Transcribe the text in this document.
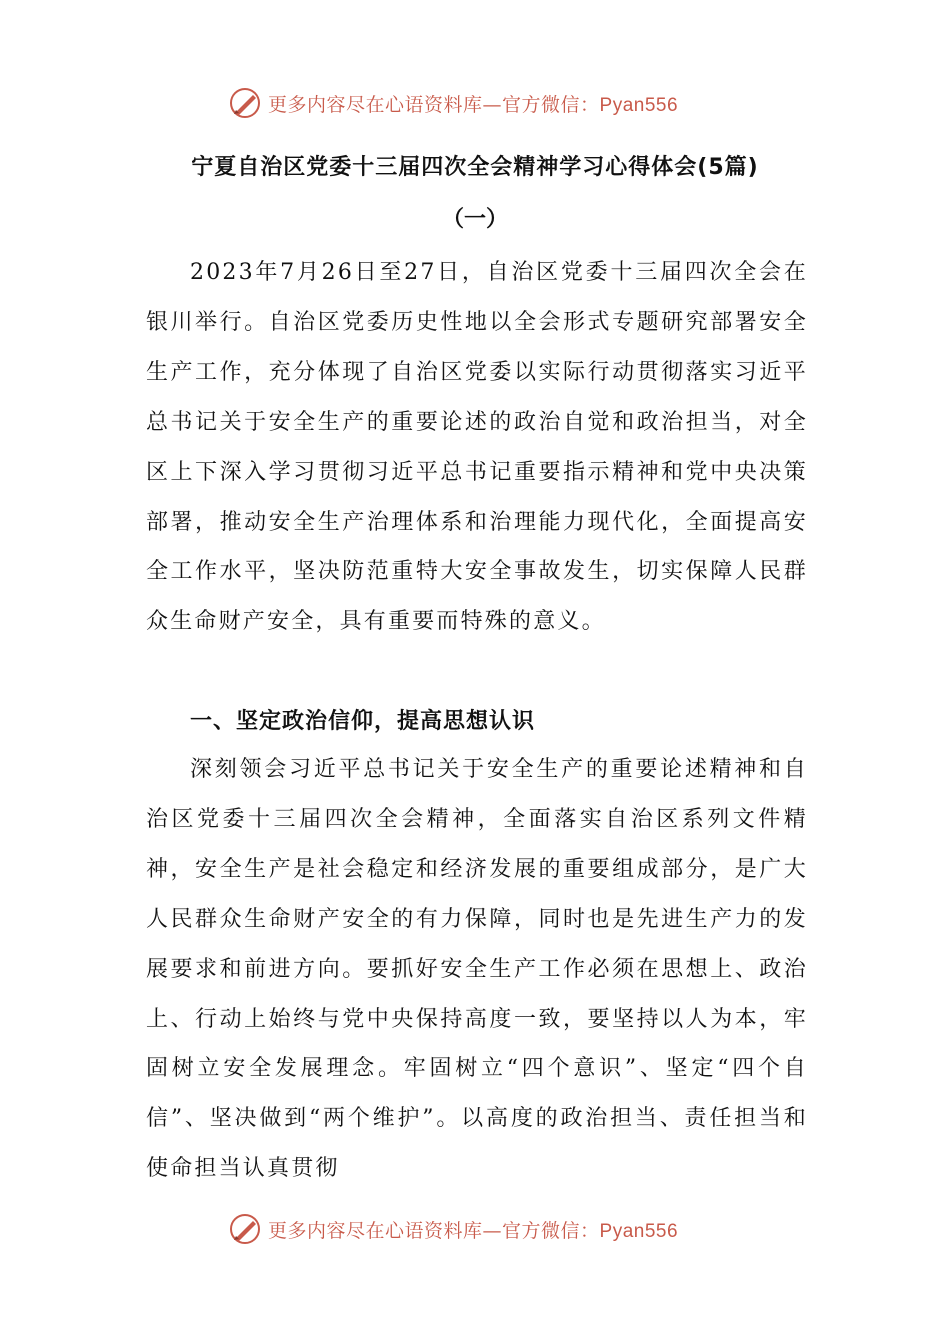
更多内容尽在心语资料库—官方微信：Pyan556
宁夏自治区党委十三届四次全会精神学习心得体会(5篇)
（一）

2023年7月26日至27日，自治区党委十三届四次全会在银川举行。自治区党委历史性地以全会形式专题研究部署安全生产工作，充分体现了自治区党委以实际行动贯彻落实习近平总书记关于安全生产的重要论述的政治自觉和政治担当，对全区上下深入学习贯彻习近平总书记重要指示精神和党中央决策部署，推动安全生产治理体系和治理能力现代化，全面提高安全工作水平，坚决防范重特大安全事故发生，切实保障人民群众生命财产安全，具有重要而特殊的意义。

一、坚定政治信仰，提高思想认识

深刻领会习近平总书记关于安全生产的重要论述精神和自治区党委十三届四次全会精神，全面落实自治区系列文件精神，安全生产是社会稳定和经济发展的重要组成部分，是广大人民群众生命财产安全的有力保障，同时也是先进生产力的发展要求和前进方向。要抓好安全生产工作必须在思想上、政治上、行动上始终与党中央保持高度一致，要坚持以人为本，牢固树立安全发展理念。牢固树立“四个意识”、坚定“四个自信”、坚决做到“两个维护”。以高度的政治担当、责任担当和使命担当认真贯彻

更多内容尽在心语资料库—官方微信：Pyan556
